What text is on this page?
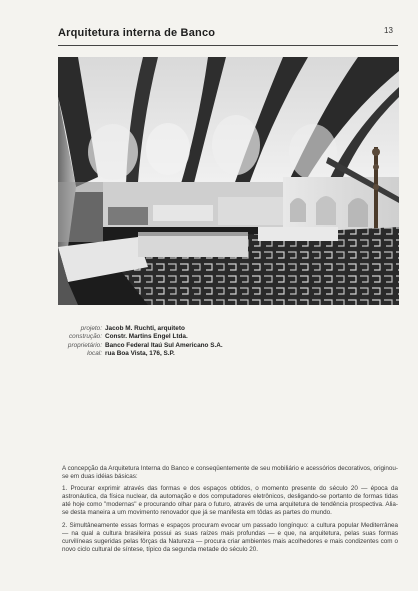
Arquitetura interna de Banco	13
projeto: Jacob M. Ruchti, arquiteto
construção: Constr. Martins Engel Ltda.
proprietário: Banco Federal Itaú Sul Americano S.A.
local: rua Boa Vista, 176, S.P.

A concepção da Arquitetura Interna do Banco e conseqüentemente de seu mobiliário e acessórios decorativos, originou-se em duas idéias básicas:

1. Procurar exprimir através das formas e dos espaços obtidos, o momento presente do século 20 — época da astronáutica, da física nuclear, da automação e dos computadores eletrônicos, desligando-se portanto de formas tidas até hoje como "modernas" e procurando olhar para o futuro, através de uma arquitetura de tendência prospectiva. Alia-se desta maneira a um movimento renovador que já se manifesta em tôdas as partes do mundo.

2. Simultâneamente essas formas e espaços procuram evocar um passado longínquo: a cultura popular Mediterrânea — na qual a cultura brasileira possui as suas raízes mais profundas — e que, na arquitetura, pelas suas formas curvilíneas sugeridas pelas fôrças da Natureza — procura criar ambientes mais acolhedores e mais condizentes com o novo ciclo cultural de síntese, típico da segunda metade do século 20.
